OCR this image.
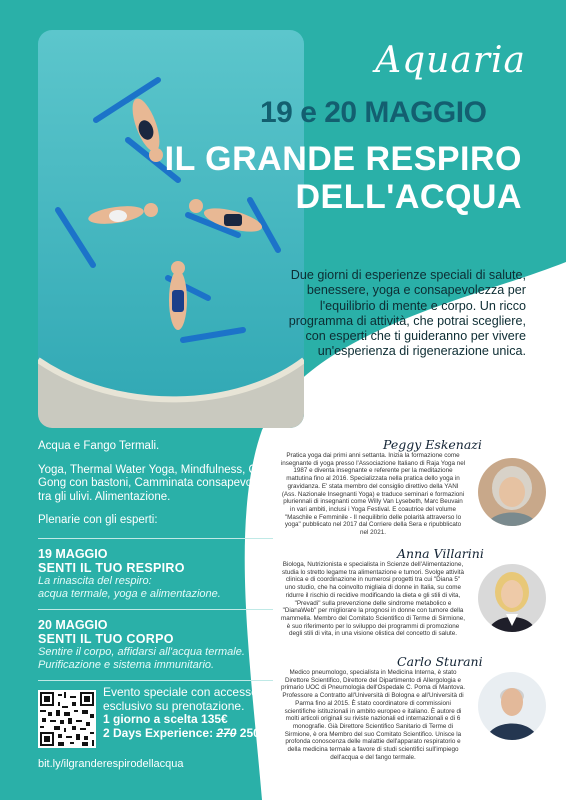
Aquaria
19 e 20 MAGGIO
IL GRANDE RESPIRO
DELL'ACQUA
Due giorni di esperienze speciali di salute, benessere, yoga e consapevolezza per l'equilibrio di mente e corpo. Un ricco programma di attività, che potrai scegliere, con esperti che ti guideranno per vivere un'esperienza di rigenerazione unica.

Acqua e Fango Termali.

Yoga, Thermal Water Yoga, Mindfulness, Qui Gong con bastoni, Camminata consapevole tra gli ulivi. Alimentazione.

Plenarie con gli esperti:

19 MAGGIO
SENTI IL TUO RESPIRO
La rinascita del respiro:
acqua termale, yoga e alimentazione.
20 MAGGIO
SENTI IL TUO CORPO
Sentire il corpo, affidarsi all'acqua termale.
Purificazione e sistema immunitario.
Evento speciale con accesso esclusivo su prenotazione.
1 giorno a scelta 135€
2 Days Experience: 270 250€
bit.ly/ilgranderespirodellacqua
Peggy Eskenazi
Pratica yoga dai primi anni settanta. Inizia la formazione come insegnante di yoga presso l'Associazione Italiano di Raja Yoga nel 1987 e diventa insegnante e referente per la meditazione mattutina fino al 2016. Specializzata nella pratica dello yoga in gravidanza. E' stata membro del consiglio direttivo della YANI (Ass. Nazionale Insegnanti Yoga) e traduce seminari e formazioni pluriennali di insegnanti come Willy Van Lysebeth, Marc Beuvain in vari ambiti, inclusi i Yoga Festival. E coautrice del volume "Maschile e Femminile - Il nequilibrio delle polarità attraverso lo yoga" pubblicato nel 2017 dal Corriere della Sera e ripubblicato nel 2021.
Anna Villarini
Biologa, Nutrizionista e specialista in Scienze dell'Alimentazione, studia lo stretto legame tra alimentazione e tumori. Svolge attività clinica e di coordinazione in numerosi progetti tra cui "Diana 5" uno studio, che ha coinvolto migliaia di donne in Italia, su come ridurre il rischio di recidive modificando la dieta e gli stili di vita, "Prevadi" sulla prevenzione delle sindrome metabolico e "DianaWeb" per migliorare la prognosi in donne con tumore della mammella. Membro del Comitato Scientifico di Terme di Sirmione, è suo riferimento per lo sviluppo dei programmi di promozione degli stili di vita, in una visione olistica del concetto di salute.
Carlo Sturani
Medico pneumologo, specialista in Medicina Interna, è stato Direttore Scientifico, Direttore del Dipartimento di Allergologia e primario UOC di Pneumologia dell'Ospedale C. Poma di Mantova. Professore a Contratto all'Università di Bologna e all'Università di Parma fino al 2015. È stato coordinatore di commissioni scientifiche istituzionali in ambito europeo e italiano. È autore di molti articoli originali su riviste nazionali ed internazionali e di 6 monografie. Già Direttore Scientifico Sanitario di Terme di Sirmione, è ora Membro del suo Comitato Scientifico. Unisce la profonda conoscenza delle malattie dell'apparato respiratorio e della medicina termale a favore di studi scientifici sull'impiego dell'acqua e del fango termale.
